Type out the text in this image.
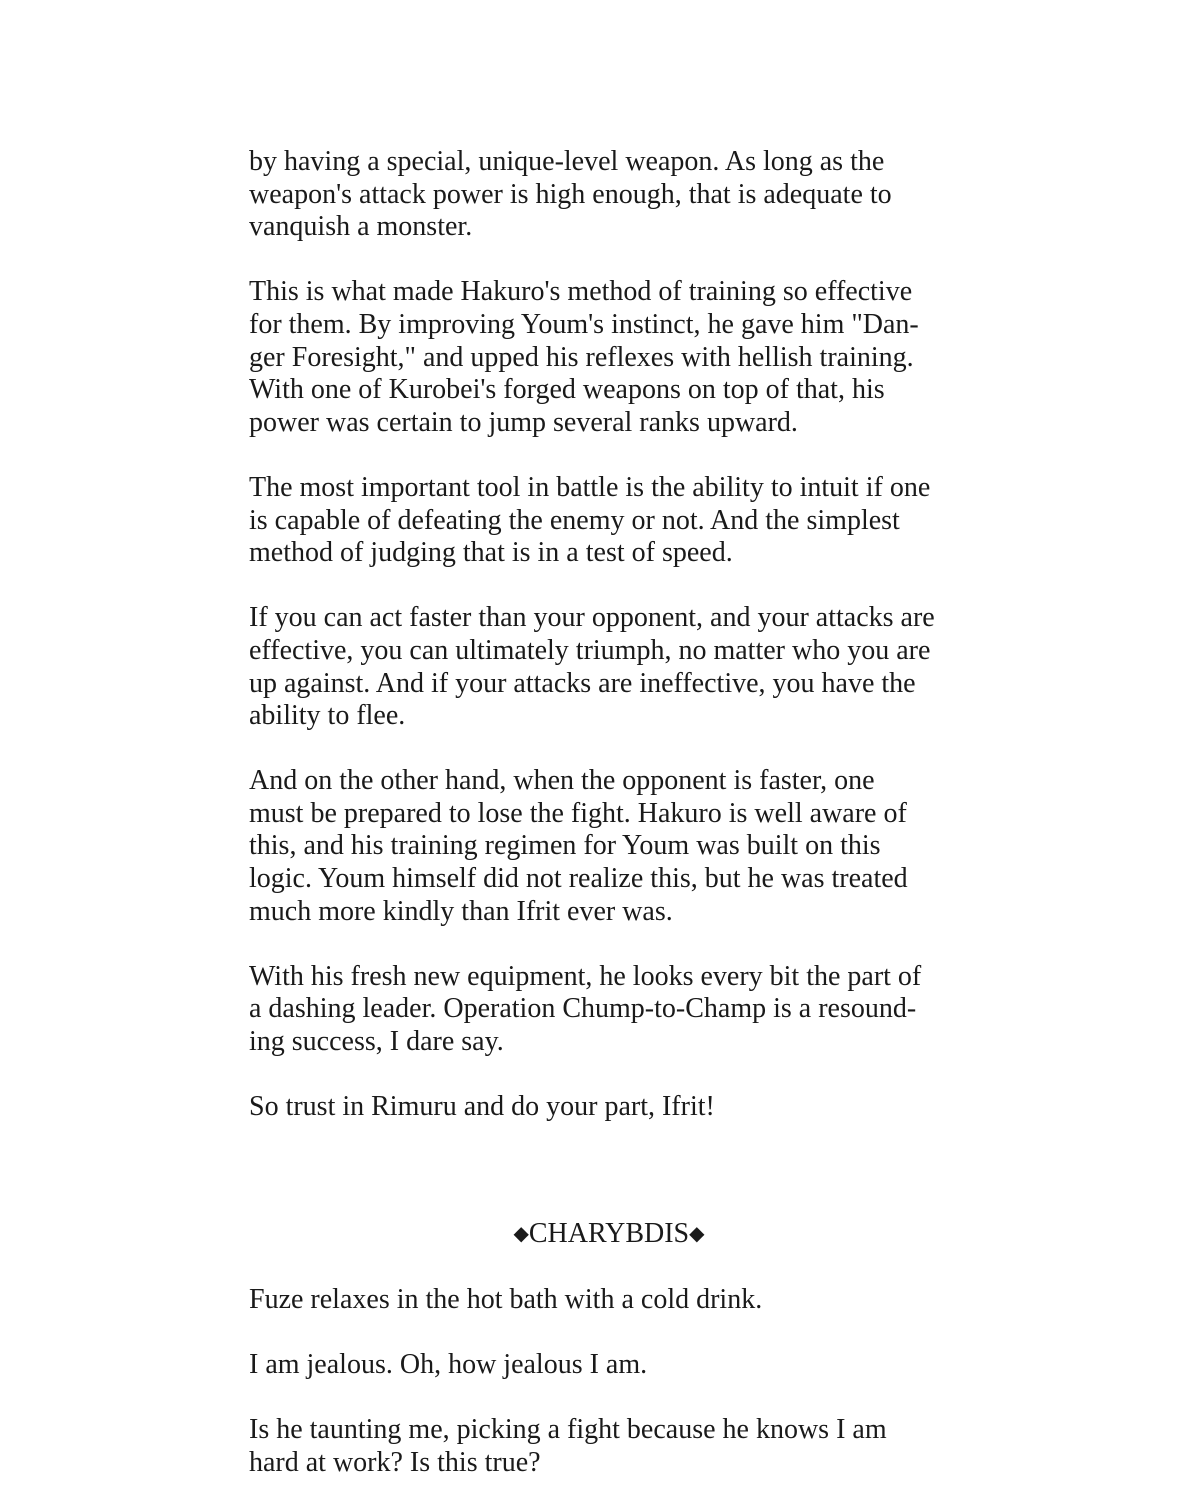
by having a special, unique-level weapon. As long as the
weapon's attack power is high enough, that is adequate to
vanquish a monster.

This is what made Hakuro's method of training so effective
for them. By improving Youm's instinct, he gave him "Dan-
ger Foresight," and upped his reflexes with hellish training.
With one of Kurobei's forged weapons on top of that, his
power was certain to jump several ranks upward.

The most important tool in battle is the ability to intuit if one
is capable of defeating the enemy or not. And the simplest
method of judging that is in a test of speed.

If you can act faster than your opponent, and your attacks are
effective, you can ultimately triumph, no matter who you are
up against. And if your attacks are ineffective, you have the
ability to flee.

And on the other hand, when the opponent is faster, one
must be prepared to lose the fight. Hakuro is well aware of
this, and his training regimen for Youm was built on this
logic. Youm himself did not realize this, but he was treated
much more kindly than Ifrit ever was.

With his fresh new equipment, he looks every bit the part of
a dashing leader. Operation Chump-to-Champ is a resound-
ing success, I dare say.

So trust in Rimuru and do your part, Ifrit!

◆CHARYBDIS◆

Fuze relaxes in the hot bath with a cold drink.

I am jealous. Oh, how jealous I am.

Is he taunting me, picking a fight because he knows I am
hard at work? Is this true?
